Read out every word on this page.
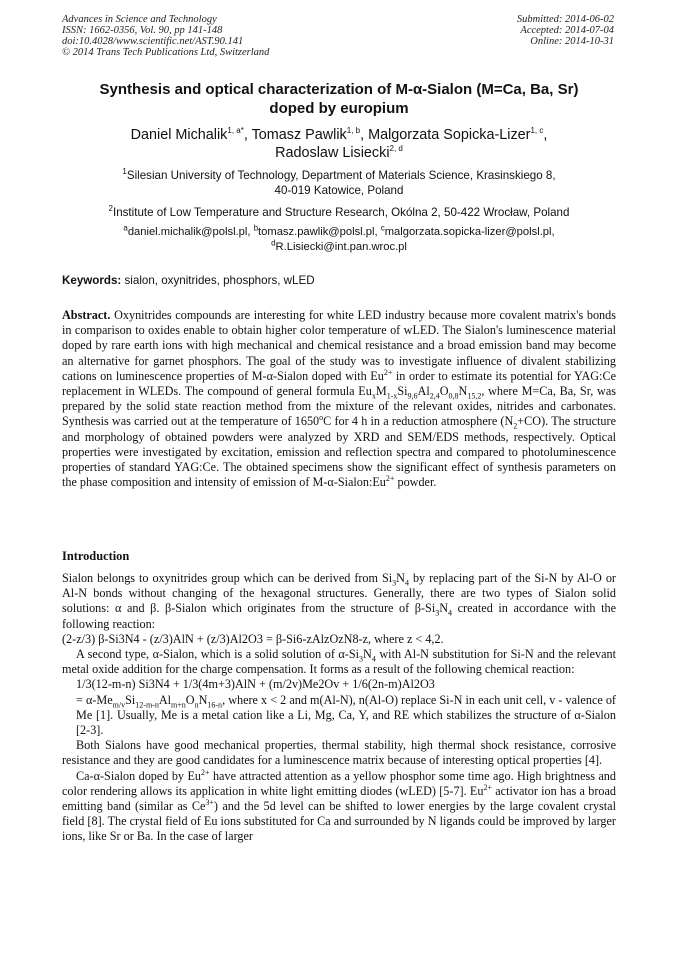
Advances in Science and Technology
ISSN: 1662-0356, Vol. 90, pp 141-148
doi:10.4028/www.scientific.net/AST.90.141
© 2014 Trans Tech Publications Ltd, Switzerland
Submitted: 2014-06-02
Accepted: 2014-07-04
Online: 2014-10-31
Synthesis and optical characterization of M-α-Sialon (M=Ca, Ba, Sr)
doped by europium
Daniel Michalik$^{1, a*}$, Tomasz Pawlik$^{1, b}$, Malgorzata Sopicka-Lizer$^{1, c}$,
Radoslaw Lisiecki$^{2, d}$
$^1$Silesian University of Technology, Department of Materials Science, Krasinskiego 8,
40-019 Katowice, Poland
$^2$Institute of Low Temperature and Structure Research, Okólna 2, 50-422 Wrocław, Poland
$^a$daniel.michalik@polsl.pl, $^b$tomasz.pawlik@polsl.pl, $^c$malgorzata.sopicka-lizer@polsl.pl,
$^d$R.Lisiecki@int.pan.wroc.pl
Keywords: sialon, oxynitrides, phosphors, wLED
Abstract. Oxynitrides compounds are interesting for white LED industry because more covalent matrix's bonds in comparison to oxides enable to obtain higher color temperature of wLED. The Sialon's luminescence material doped by rare earth ions with high mechanical and chemical resistance and a broad emission band may become an alternative for garnet phosphors. The goal of the study was to investigate influence of divalent stabilizing cations on luminescence properties of M-α-Sialon doped with $Eu^{2+}$ in order to estimate its potential for YAG:Ce replacement in WLEDs. The compound of general formula $Eu_xM_{1-x}Si_{9,6}Al_{2,4}O_{0,8}N_{15,2}$, where M=Ca, Ba, Sr, was prepared by the solid state reaction method from the mixture of the relevant oxides, nitrides and carbonates. Synthesis was carried out at the temperature of 1650$^o$C for 4 h in a reduction atmosphere $(N_2+CO)$. The structure and morphology of obtained powders were analyzed by XRD and SEM/EDS methods, respectively. Optical properties were investigated by excitation, emission and reflection spectra and compared to photoluminescence properties of standard YAG:Ce. The obtained specimens show the significant effect of synthesis parameters on the phase composition and intensity of emission of $M-\alpha-Sialon:Eu^{2+}$ powder.
Introduction

Sialon belongs to oxynitrides group which can be derived from $Si_3N_4$ by replacing part of the Si-N by Al-O or Al-N bonds without changing of the hexagonal structures. Generally, there are two types of Sialon solid solutions: α and β. β-Sialon which originates from the structure of $\beta-Si_3N_4$ created in accordance with the following reaction:

(2-z/3) β-Si3N4 - (z/3)AlN + (z/3)Al2O3 = β-Si6-zAlzOzN8-z, where z < 4,2.

A second type, α-Sialon, which is a solid solution of $\alpha-Si_3N_4$ with Al-N substitution for Si-N and the relevant metal oxide addition for the charge compensation. It forms as a result of the following chemical reaction:

1/3(12-m-n) Si3N4 + 1/3(4m+3)AlN + (m/2v)Me2Ov + 1/6(2n-m)Al2O3

= $\alpha-Me_{m/v}Si_{12-m-n}Al_{m+n}O_nN_{16-n}$, where x < 2 and m(Al-N), n(Al-O) replace Si-N in each unit cell, v - valence of Me [1]. Usually, Me is a metal cation like a Li, Mg, Ca, Y, and RE which stabilizes the structure of α-Sialon [2-3].

Both Sialons have good mechanical properties, thermal stability, high thermal shock resistance, corrosive resistance and they are good candidates for a luminescence matrix because of interesting optical properties [4].

Ca-α-Sialon doped by $Eu^{2+}$ have attracted attention as a yellow phosphor some time ago. High brightness and color rendering allows its application in white light emitting diodes (wLED) [5-7]. $Eu^{2+}$ activator ion has a broad emitting band (similar as $Ce^{3+}$) and the 5d level can be shifted to lower energies by the large covalent crystal field [8]. The crystal field of Eu ions substituted for Ca and surrounded by N ligands could be improved by larger ions, like Sr or Ba. In the case of larger
